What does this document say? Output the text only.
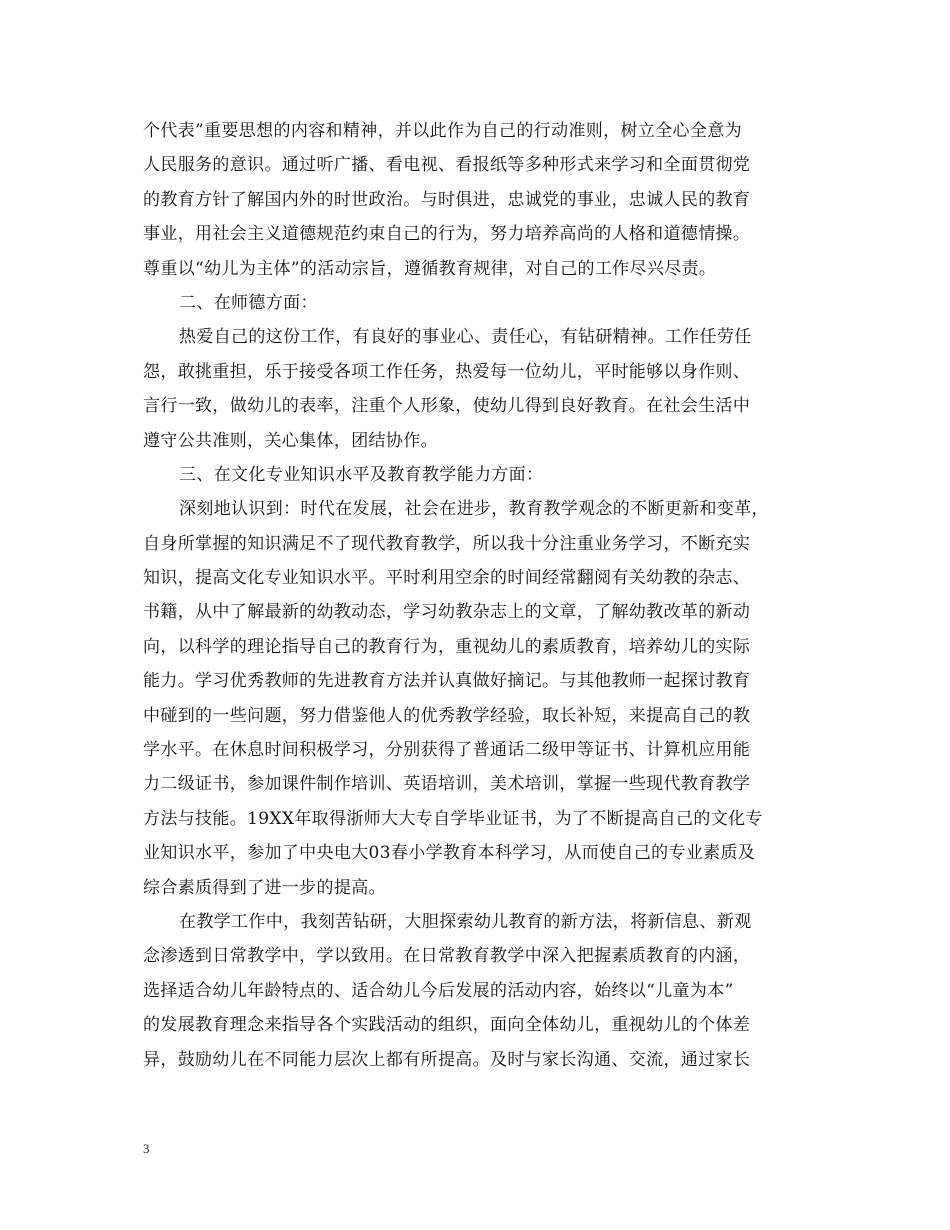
个代表”重要思想的内容和精神，并以此作为自己的行动准则，树立全心全意为
人民服务的意识。通过听广播、看电视、看报纸等多种形式来学习和全面贯彻党
的教育方针了解国内外的时世政治。与时俱进，忠诚党的事业，忠诚人民的教育
事业，用社会主义道德规范约束自己的行为，努力培养高尚的人格和道德情操。
尊重以“幼儿为主体”的活动宗旨，遵循教育规律，对自己的工作尽兴尽责。
二、在师德方面：
热爱自己的这份工作，有良好的事业心、责任心，有钻研精神。工作任劳任
怨，敢挑重担，乐于接受各项工作任务，热爱每一位幼儿，平时能够以身作则、
言行一致，做幼儿的表率，注重个人形象，使幼儿得到良好教育。在社会生活中
遵守公共准则，关心集体，团结协作。
三、在文化专业知识水平及教育教学能力方面：
深刻地认识到：时代在发展，社会在进步，教育教学观念的不断更新和变革，
自身所掌握的知识满足不了现代教育教学，所以我十分注重业务学习，不断充实
知识，提高文化专业知识水平。平时利用空余的时间经常翻阅有关幼教的杂志、
书籍，从中了解最新的幼教动态，学习幼教杂志上的文章，了解幼教改革的新动
向，以科学的理论指导自己的教育行为，重视幼儿的素质教育，培养幼儿的实际
能力。学习优秀教师的先进教育方法并认真做好摘记。与其他教师一起探讨教育
中碰到的一些问题，努力借鉴他人的优秀教学经验，取长补短，来提高自己的教
学水平。在休息时间积极学习，分别获得了普通话二级甲等证书、计算机应用能
力二级证书，参加课件制作培训、英语培训，美术培训，掌握一些现代教育教学
方法与技能。19XX年取得浙师大大专自学毕业证书，为了不断提高自己的文化专
业知识水平，参加了中央电大03春小学教育本科学习，从而使自己的专业素质及
综合素质得到了进一步的提高。
在教学工作中，我刻苦钻研，大胆探索幼儿教育的新方法，将新信息、新观
念渗透到日常教学中，学以致用。在日常教育教学中深入把握素质教育的内涵，
选择适合幼儿年龄特点的、适合幼儿今后发展的活动内容，始终以“儿童为本”
的发展教育理念来指导各个实践活动的组织，面向全体幼儿，重视幼儿的个体差
异，鼓励幼儿在不同能力层次上都有所提高。及时与家长沟通、交流，通过家长
3
